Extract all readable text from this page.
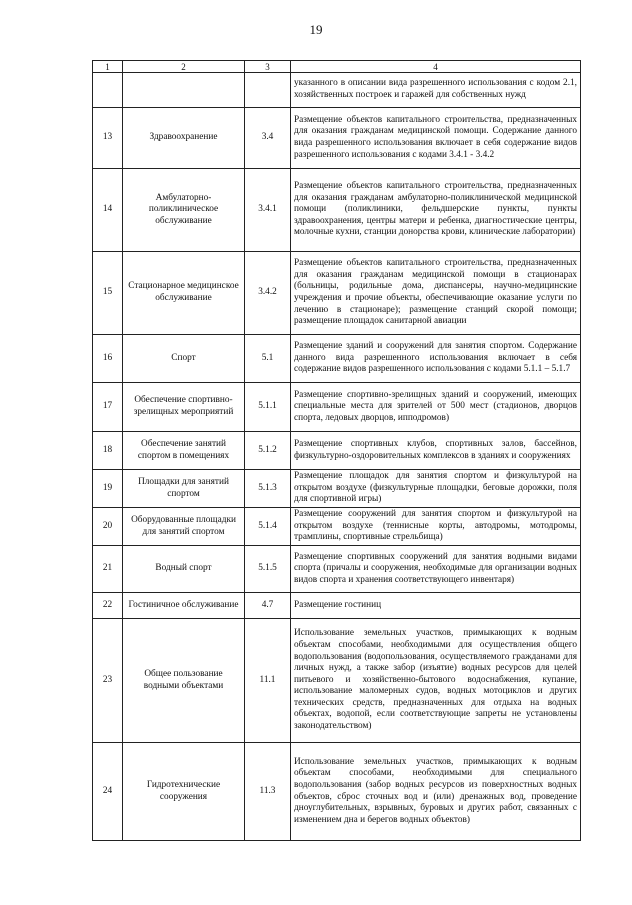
19
1	2	3	4
			указанного в описании вида разрешенного использования с кодом 2.1, хозяйственных построек и гаражей для собственных нужд
13	Здравоохранение	3.4	Размещение объектов капитального строительства, предназначенных для оказания гражданам медицинской помощи. Содержание данного вида разрешенного использования включает в себя содержание видов разрешенного использования с кодами 3.4.1 - 3.4.2
14	Амбулаторно-поликлиническое обслуживание	3.4.1	Размещение объектов капитального строительства, предназначенных для оказания гражданам амбулаторно-поликлинической медицинской помощи (поликлиники, фельдшерские пункты, пункты здравоохранения, центры матери и ребенка, диагностические центры, молочные кухни, станции донорства крови, клинические лаборатории)
15	Стационарное медицинское обслуживание	3.4.2	Размещение объектов капитального строительства, предназначенных для оказания гражданам медицинской помощи в стационарах (больницы, родильные дома, диспансеры, научно-медицинские учреждения и прочие объекты, обеспечивающие оказание услуги по лечению в стационаре); размещение станций скорой помощи; размещение площадок санитарной авиации
16	Спорт	5.1	Размещение зданий и сооружений для занятия спортом. Содержание данного вида разрешенного использования включает в себя содержание видов разрешенного использования с кодами 5.1.1 – 5.1.7
17	Обеспечение спортивно-зрелищных мероприятий	5.1.1	Размещение спортивно-зрелищных зданий и сооружений, имеющих специальные места для зрителей от 500 мест (стадионов, дворцов спорта, ледовых дворцов, ипподромов)
18	Обеспечение занятий спортом в помещениях	5.1.2	Размещение спортивных клубов, спортивных залов, бассейнов, физкультурно-оздоровительных комплексов в зданиях и сооружениях
19	Площадки для занятий спортом	5.1.3	Размещение площадок для занятия спортом и физкультурой на открытом воздухе (физкультурные площадки, беговые дорожки, поля для спортивной игры)
20	Оборудованные площадки для занятий спортом	5.1.4	Размещение сооружений для занятия спортом и физкультурой на открытом воздухе (теннисные корты, автодромы, мотодромы, трамплины, спортивные стрельбища)
21	Водный спорт	5.1.5	Размещение спортивных сооружений для занятия водными видами спорта (причалы и сооружения, необходимые для организации водных видов спорта и хранения соответствующего инвентаря)
22	Гостиничное обслуживание	4.7	Размещение гостиниц
23	Общее пользование водными объектами	11.1	Использование земельных участков, примыкающих к водным объектам способами, необходимыми для осуществления общего водопользования (водопользования, осуществляемого гражданами для личных нужд, а также забор (изъятие) водных ресурсов для целей питьевого и хозяйственно-бытового водоснабжения, купание, использование маломерных судов, водных мотоциклов и других технических средств, предназначенных для отдыха на водных объектах, водопой, если соответствующие запреты не установлены законодательством)
24	Гидротехнические сооружения	11.3	Использование земельных участков, примыкающих к водным объектам способами, необходимыми для специального водопользования (забор водных ресурсов из поверхностных водных объектов, сброс сточных вод и (или) дренажных вод, проведение дноуглубительных, взрывных, буровых и других работ, связанных с изменением дна и берегов водных объектов)
